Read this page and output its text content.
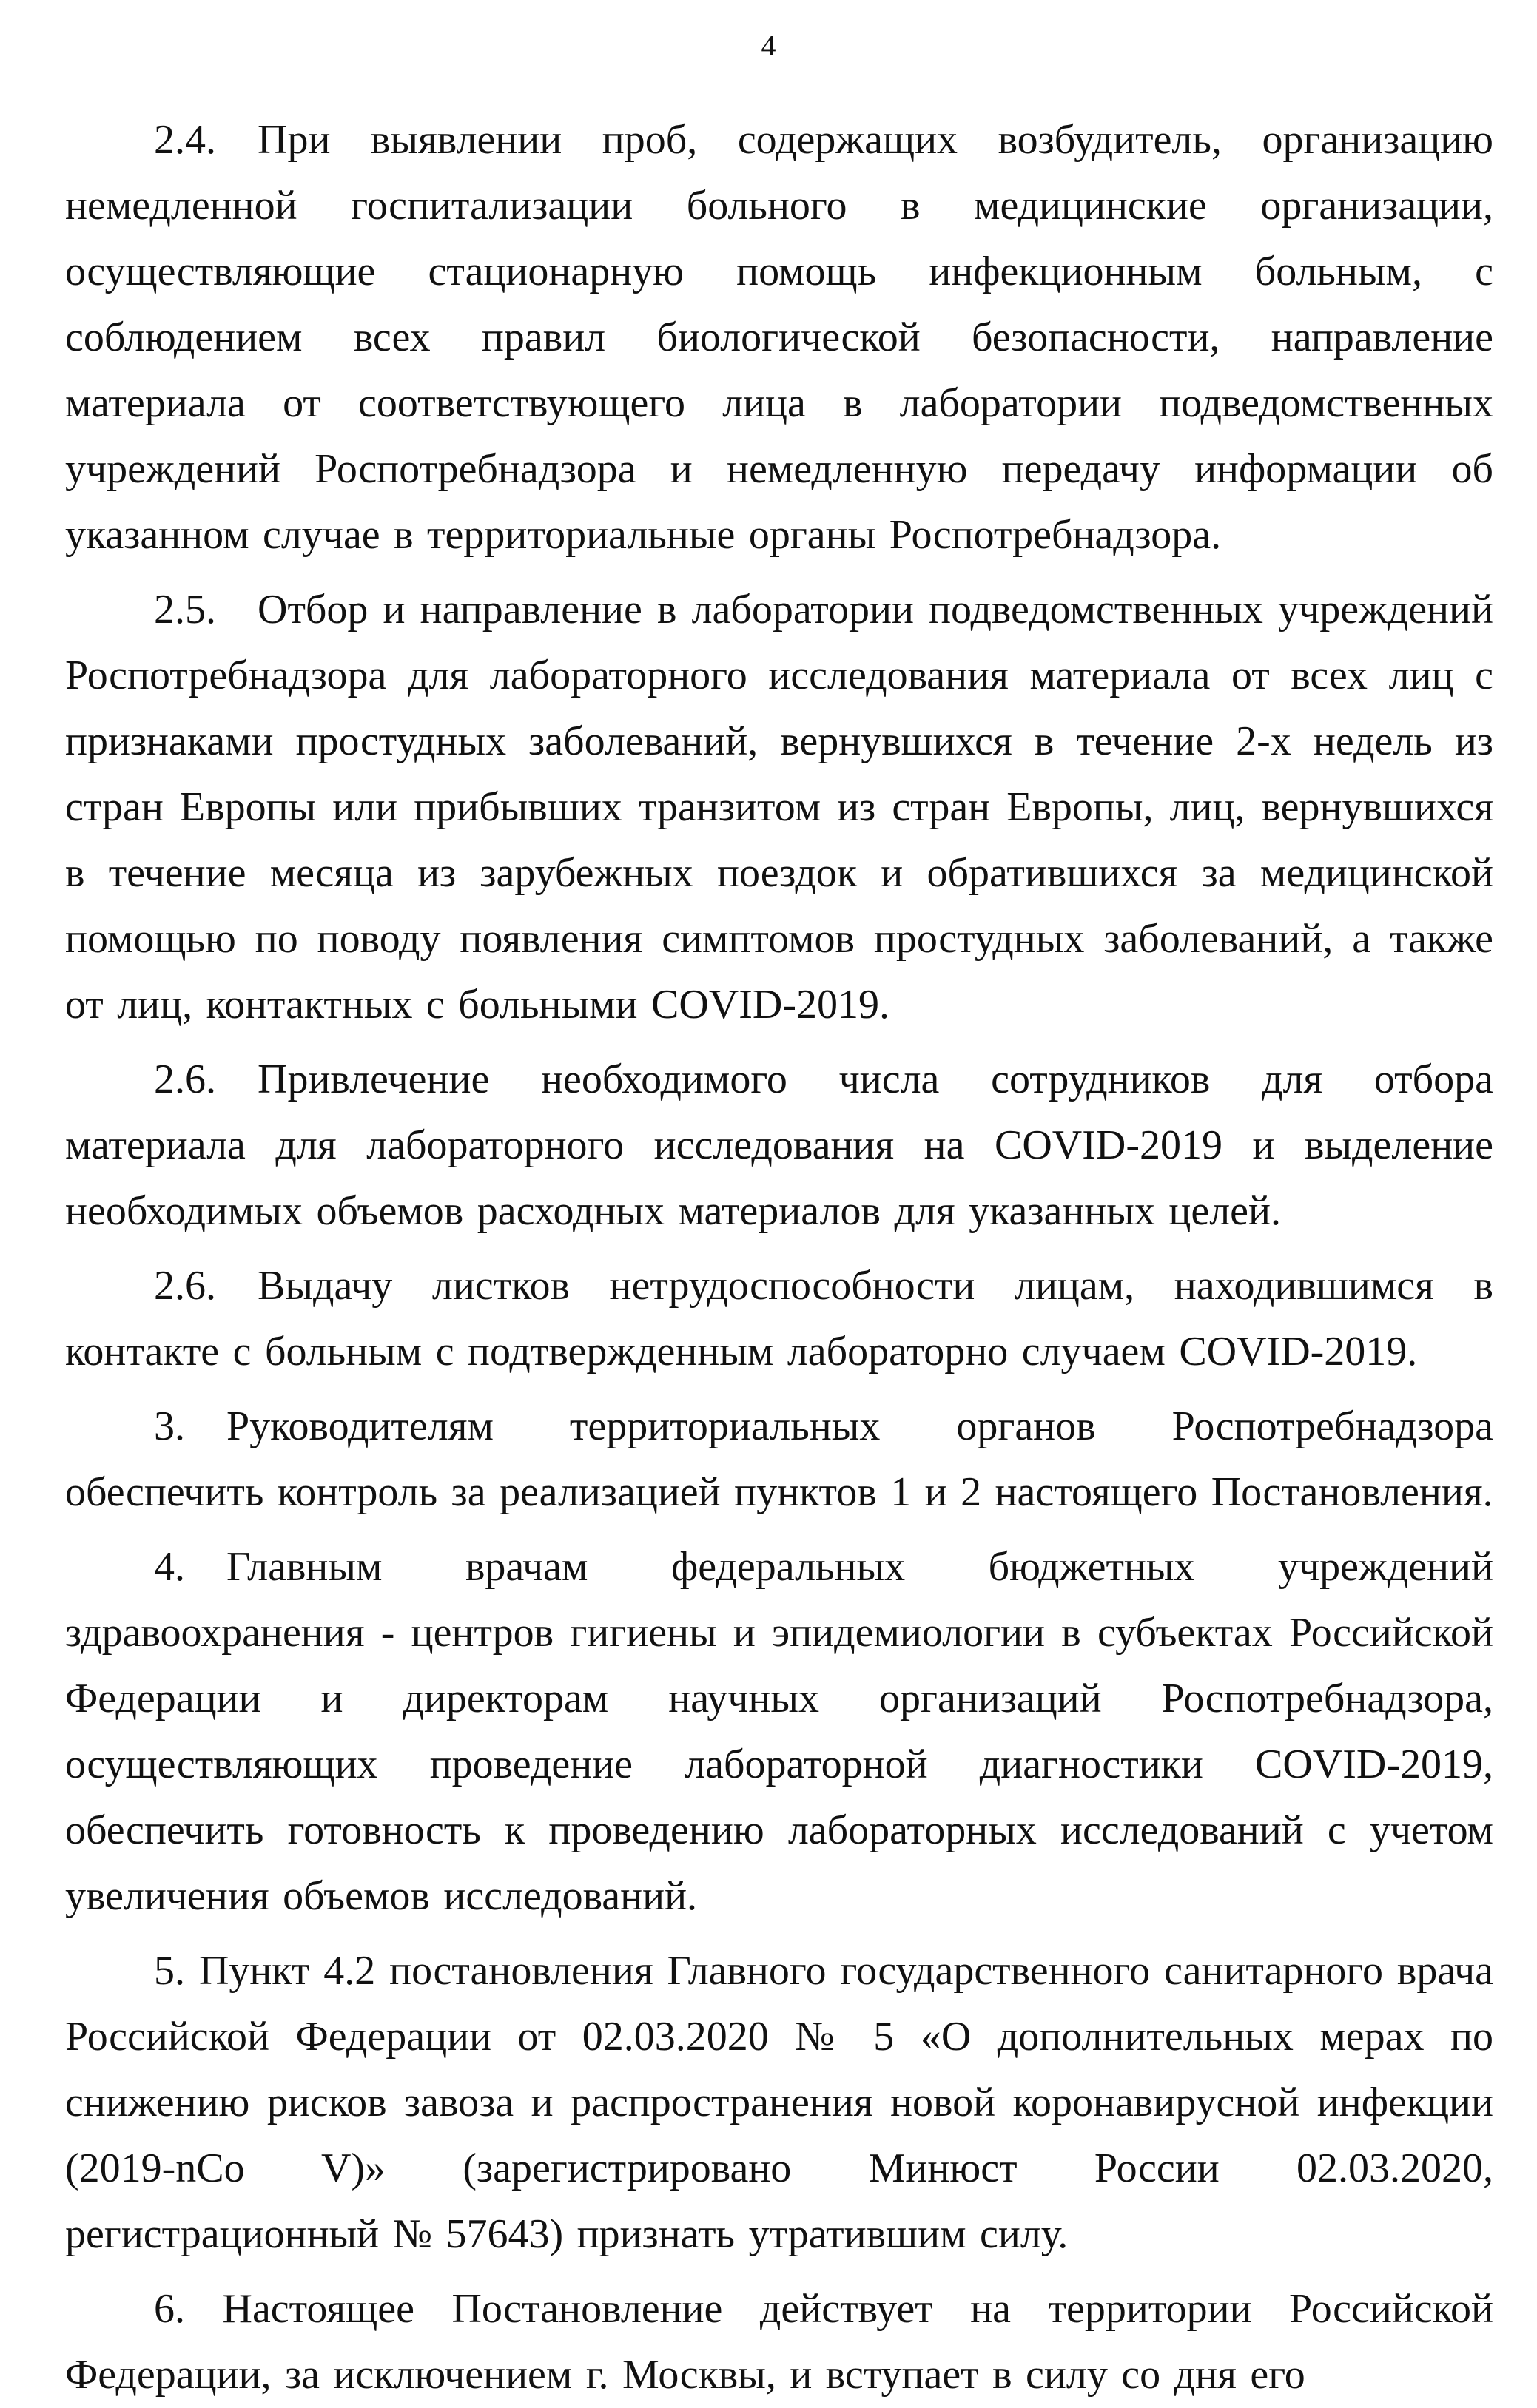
4

2.4. При выявлении проб, содержащих возбудитель, организацию немедленной госпитализации больного в медицинские организации, осуществляющие стационарную помощь инфекционным больным, с соблюдением всех правил биологической безопасности, направление материала от соответствующего лица в лаборатории подведомственных учреждений Роспотребнадзора и немедленную передачу информации об указанном случае в территориальные органы Роспотребнадзора.

2.5. Отбор и направление в лаборатории подведомственных учреждений Роспотребнадзора для лабораторного исследования материала от всех лиц с признаками простудных заболеваний, вернувшихся в течение 2-х недель из стран Европы или прибывших транзитом из стран Европы, лиц, вернувшихся в течение месяца из зарубежных поездок и обратившихся за медицинской помощью по поводу появления симптомов простудных заболеваний, а также от лиц, контактных с больными COVID-2019.

2.6. Привлечение необходимого числа сотрудников для отбора материала для лабораторного исследования на COVID-2019 и выделение необходимых объемов расходных материалов для указанных целей.

2.6. Выдачу листков нетрудоспособности лицам, находившимся в контакте с больным с подтвержденным лабораторно случаем COVID-2019.

3. Руководителям территориальных органов Роспотребнадзора обеспечить контроль за реализацией пунктов 1 и 2 настоящего Постановления.

4. Главным врачам федеральных бюджетных учреждений здравоохранения - центров гигиены и эпидемиологии в субъектах Российской Федерации и директорам научных организаций Роспотребнадзора, осуществляющих проведение лабораторной диагностики COVID-2019, обеспечить готовность к проведению лабораторных исследований с учетом увеличения объемов исследований.

5. Пункт 4.2 постановления Главного государственного санитарного врача Российской Федерации от 02.03.2020 № 5 «О дополнительных мерах по снижению рисков завоза и распространения новой коронавирусной инфекции (2019-nCo V)» (зарегистрировано Минюст России 02.03.2020, регистрационный № 57643) признать утратившим силу.

6. Настоящее Постановление действует на территории Российской Федерации, за исключением г. Москвы, и вступает в силу со дня его
